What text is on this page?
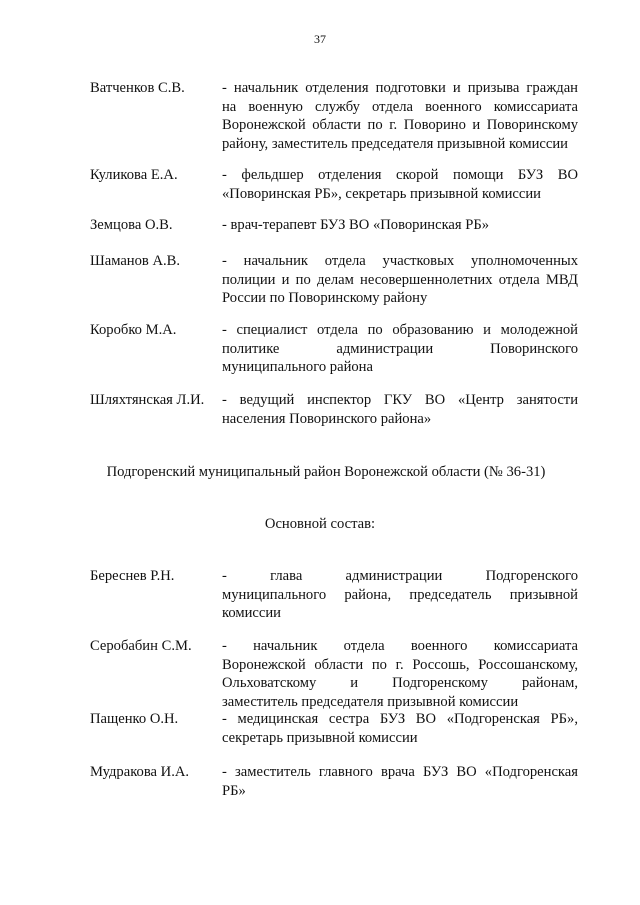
37
Ватченков С.В.	- начальник отделения подготовки и призыва граждан
на военную службу отдела военного комиссариата
Воронежской области по г. Поворино и Поворинскому
району, заместитель председателя призывной комиссии
Куликова Е.А.	- фельдшер отделения скорой помощи БУЗ ВО
«Поворинская РБ», секретарь призывной комиссии
Земцова О.В.	- врач-терапевт БУЗ ВО «Поворинская РБ»
Шаманов А.В.	- начальник отдела участковых уполномоченных
полиции и по делам несовершеннолетних отдела МВД
России по Поворинскому району
Коробко М.А.	- специалист отдела по образованию и молодежной
политике администрации Поворинского
муниципального района
Шляхтянская Л.И. - ведущий инспектор ГКУ ВО «Центр занятости
населения Поворинского района»
Подгоренский муниципальный район Воронежской области (№ 36-31)
Основной состав:
Береснев Р.Н.	- глава администрации Подгоренского
муниципального района, председатель призывной
комиссии
Серобабин С.М. - начальник отдела военного комиссариата
Воронежской области по г. Россошь, Россошанскому,
Ольховатскому и Подгоренскому районам,
заместитель председателя призывной комиссии
Пащенко О.Н.	- медицинская сестра БУЗ ВО «Подгоренская РБ»,
секретарь призывной комиссии
Мудракова И.А. - заместитель главного врача БУЗ ВО «Подгоренская
РБ»
